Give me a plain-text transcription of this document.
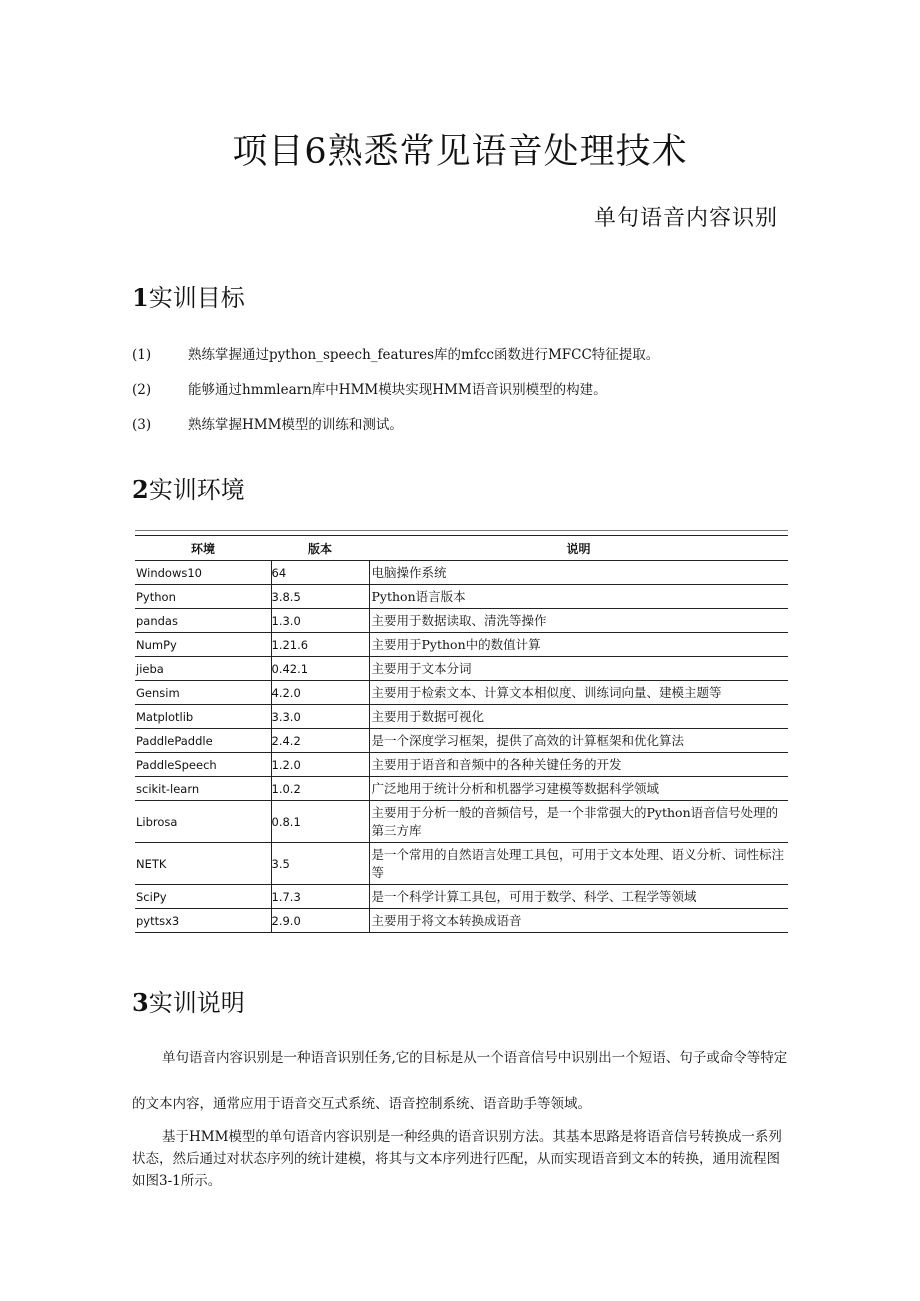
项目6熟悉常见语音处理技术
单句语音内容识别
1实训目标
(1)	熟练掌握通过python_speech_features库的mfcc函数进行MFCC特征提取。
(2)	能够通过hmmlearn库中HMM模块实现HMM语音识别模型的构建。
(3)	熟练掌握HMM模型的训练和测试。
2实训环境
环境	版本	说明
Windows10	64	电脑操作系统
Python	3.8.5	Python语言版本
pandas	1.3.0	主要用于数据读取、清洗等操作
NumPy	1.21.6	主要用于Python中的数值计算
jieba	0.42.1	主要用于文本分词
Gensim	4.2.0	主要用于检索文本、计算文本相似度、训练词向量、建模主题等
Matplotlib	3.3.0	主要用于数据可视化
PaddlePaddle	2.4.2	是一个深度学习框架，提供了高效的计算框架和优化算法
PaddleSpeech	1.2.0	主要用于语音和音频中的各种关键任务的开发
scikit-learn	1.0.2	广泛地用于统计分析和机器学习建模等数据科学领域
Librosa	0.8.1	主要用于分析一般的音频信号，是一个非常强大的Python语音信号处理的第三方库
NETK	3.5	是一个常用的自然语言处理工具包，可用于文本处理、语义分析、词性标注等
SciPy	1.7.3	是一个科学计算工具包，可用于数学、科学、工程学等领域
pyttsx3	2.9.0	主要用于将文本转换成语音
3实训说明

单句语音内容识别是一种语音识别任务,它的目标是从一个语音信号中识别出一个短语、句子或命令等特定的文本内容，通常应用于语音交互式系统、语音控制系统、语音助手等领域。

基于HMM模型的单句语音内容识别是一种经典的语音识别方法。其基本思路是将语音信号转换成一系列状态，然后通过对状态序列的统计建模，将其与文本序列进行匹配，从而实现语音到文本的转换，通用流程图如图3-1所示。
